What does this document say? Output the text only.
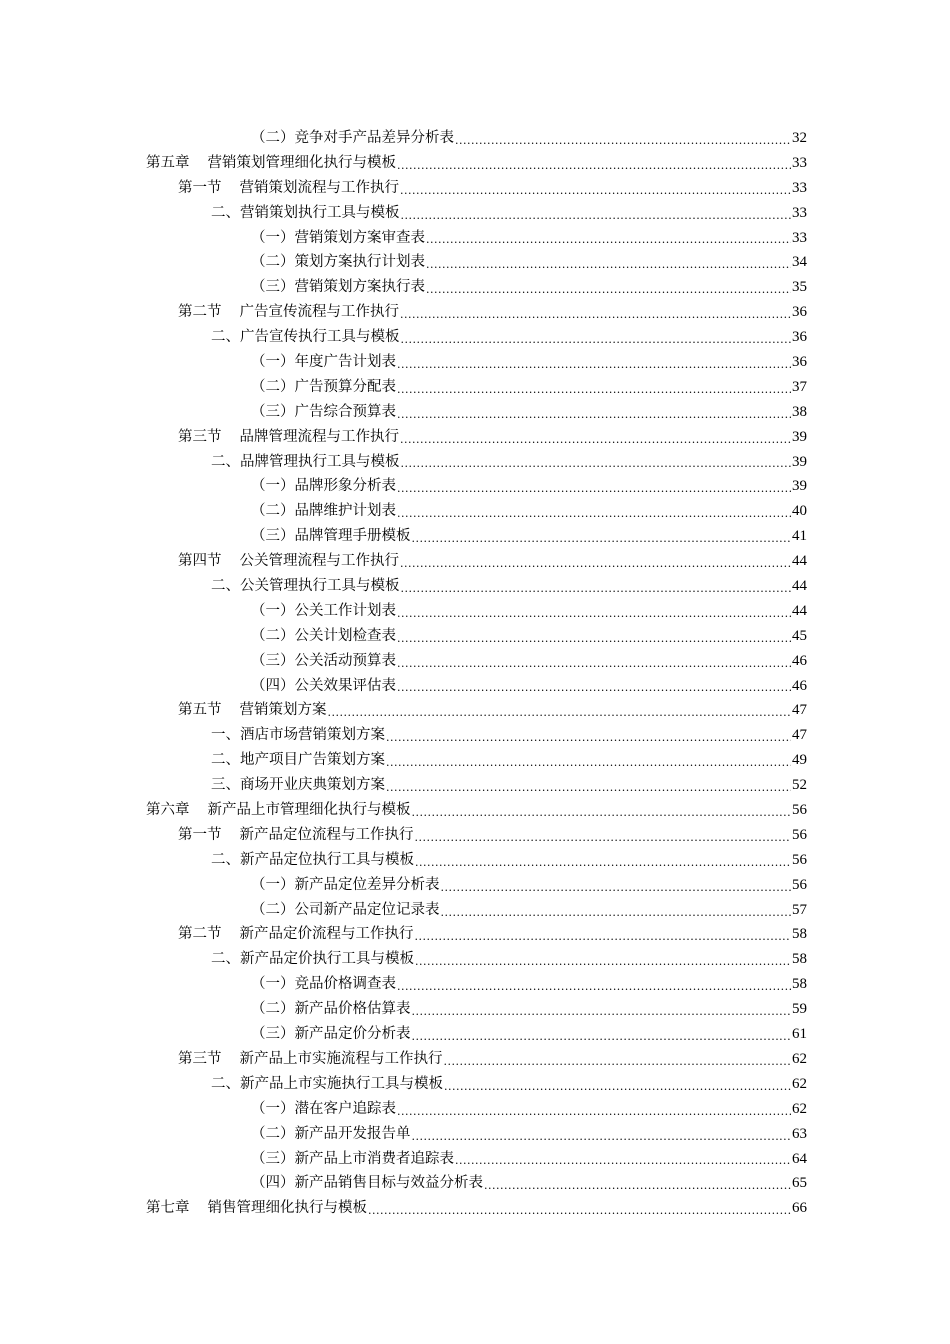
（二）竞争对手产品差异分析表 .....	32
第五章 营销策划管理细化执行与模板 .....	33
第一节 营销策划流程与工作执行 .....	33
二、营销策划执行工具与模板 .....	33
（一）营销策划方案审查表 .....	33
（二）策划方案执行计划表 .....	34
（三）营销策划方案执行表 .....	35
第二节 广告宣传流程与工作执行 .....	36
二、广告宣传执行工具与模板 .....	36
（一）年度广告计划表 .....	36
（二）广告预算分配表 .....	37
（三）广告综合预算表 .....	38
第三节 品牌管理流程与工作执行 .....	39
二、品牌管理执行工具与模板 .....	39
（一）品牌形象分析表 .....	39
（二）品牌维护计划表 .....	40
（三）品牌管理手册模板 .....	41
第四节 公关管理流程与工作执行 .....	44
二、公关管理执行工具与模板 .....	44
（一）公关工作计划表 .....	44
（二）公关计划检查表 .....	45
（三）公关活动预算表 .....	46
（四）公关效果评估表 .....	46
第五节 营销策划方案 .....	47
一、酒店市场营销策划方案 .....	47
二、地产项目广告策划方案 .....	49
三、商场开业庆典策划方案 .....	52
第六章 新产品上市管理细化执行与模板 .....	56
第一节 新产品定位流程与工作执行 .....	56
二、新产品定位执行工具与模板 .....	56
（一）新产品定位差异分析表 .....	56
（二）公司新产品定位记录表 .....	57
第二节 新产品定价流程与工作执行 .....	58
二、新产品定价执行工具与模板 .....	58
（一）竞品价格调查表 .....	58
（二）新产品价格估算表 .....	59
（三）新产品定价分析表 .....	61
第三节 新产品上市实施流程与工作执行 .....	62
二、新产品上市实施执行工具与模板 .....	62
（一）潜在客户追踪表 .....	62
（二）新产品开发报告单 .....	63
（三）新产品上市消费者追踪表 .....	64
（四）新产品销售目标与效益分析表 .....	65
第七章 销售管理细化执行与模板 .....	66
